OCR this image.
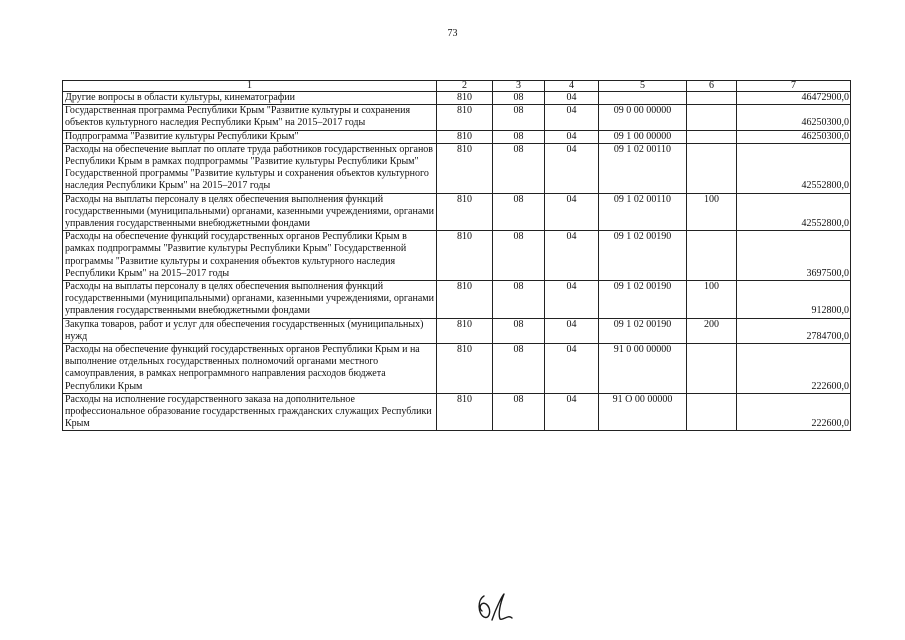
73
1	2	3	4	5	6	7
Другие вопросы в области культуры, кинематографии	810	08	04			46472900,0
Государственная программа Республики Крым "Развитие культуры и сохранения объектов культурного наследия Республики Крым" на 2015–2017 годы	810	08	04	09 0 00 00000		46250300,0
Подпрограмма "Развитие культуры Республики Крым"	810	08	04	09 1 00 00000		46250300,0
Расходы на обеспечение выплат по оплате труда работников государственных органов Республики Крым в рамках подпрограммы "Развитие культуры Республики Крым" Государственной программы "Развитие культуры и сохранения объектов культурного наследия Республики Крым" на 2015–2017 годы	810	08	04	09 1 02 00110		42552800,0
Расходы на выплаты персоналу в целях обеспечения выполнения функций государственными (муниципальными) органами, казенными учреждениями, органами управления государственными внебюджетными фондами	810	08	04	09 1 02 00110	100	42552800,0
Расходы на обеспечение функций государственных органов Республики Крым в рамках подпрограммы "Развитие культуры Республики Крым" Государственной программы "Развитие культуры и сохранения объектов культурного наследия Республики Крым" на 2015–2017 годы	810	08	04	09 1 02 00190		3697500,0
Расходы на выплаты персоналу в целях обеспечения выполнения функций государственными (муниципальными) органами, казенными учреждениями, органами управления государственными внебюджетными фондами	810	08	04	09 1 02 00190	100	912800,0
Закупка товаров, работ и услуг для обеспечения государственных (муниципальных) нужд	810	08	04	09 1 02 00190	200	2784700,0
Расходы на обеспечение функций государственных органов Республики Крым и на выполнение отдельных государственных полномочий органами местного самоуправления, в рамках непрограммного направления расходов бюджета Республики Крым	810	08	04	91 0 00 00000		222600,0
Расходы на исполнение государственного заказа на дополнительное профессиональное образование государственных гражданских служащих Республики Крым	810	08	04	91 О 00 00000		222600,0
